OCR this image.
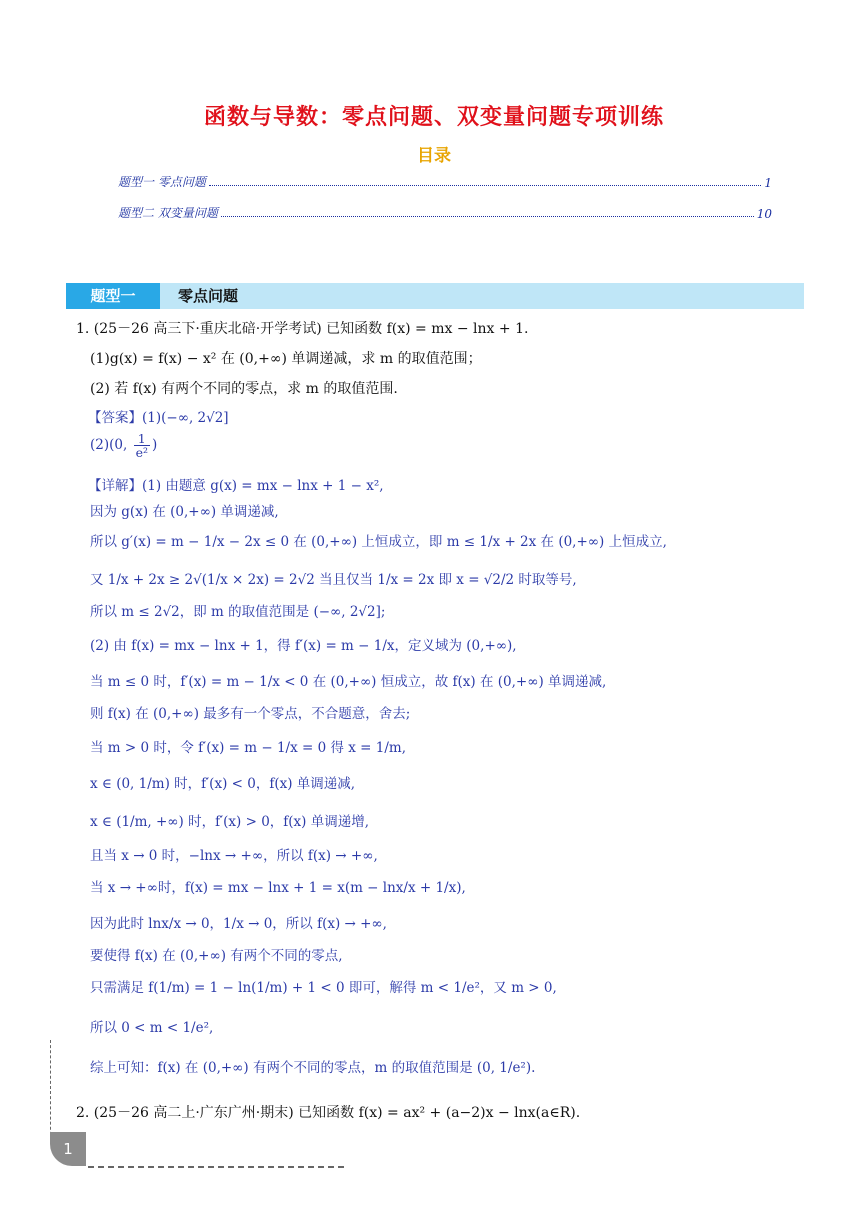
函数与导数：零点问题、双变量问题专项训练
目录
题型一 零点问题	1
题型二 双变量问题	10
题型一	零点问题
1. (25－26 高三下·重庆北碚·开学考试) 已知函数 f(x) = mx − lnx + 1.
(1)g(x) = f(x) − x² 在 (0,+∞) 单调递减，求 m 的取值范围；
(2) 若 f(x) 有两个不同的零点，求 m 的取值范围.
【答案】(1)(−∞, 2√2]
(2)(0, $\frac{1}{\text{e²}}$ )
【详解】(1) 由题意 g(x) = mx − lnx + 1 − x²,
因为 g(x) 在 (0,+∞) 单调递减,
所以 g′(x) = m − 1/x − 2x ≤ 0 在 (0,+∞) 上恒成立，即 m ≤ 1/x + 2x 在 (0,+∞) 上恒成立,
又 1/x + 2x ≥ 2√(1/x × 2x) = 2√2 当且仅当 1/x = 2x 即 x = √2/2 时取等号,
所以 m ≤ 2√2，即 m 的取值范围是 (−∞, 2√2];
(2) 由 f(x) = mx − lnx + 1，得 f′(x) = m − 1/x，定义域为 (0,+∞),
当 m ≤ 0 时，f′(x) = m − 1/x < 0 在 (0,+∞) 恒成立，故 f(x) 在 (0,+∞) 单调递减,
则 f(x) 在 (0,+∞) 最多有一个零点，不合题意，舍去;
当 m > 0 时，令 f′(x) = m − 1/x = 0 得 x = 1/m,
x ∈ (0, 1/m) 时，f′(x) < 0，f(x) 单调递减,
x ∈ (1/m, +∞) 时，f′(x) > 0，f(x) 单调递增,
且当 x → 0 时，−lnx → +∞，所以 f(x) → +∞,
当 x → +∞时，f(x) = mx − lnx + 1 = x(m − lnx/x + 1/x),
因为此时 lnx/x → 0，1/x → 0，所以 f(x) → +∞,
要使得 f(x) 在 (0,+∞) 有两个不同的零点,
只需满足 f(1/m) = 1 − ln(1/m) + 1 < 0 即可，解得 m < 1/e²，又 m > 0,
所以 0 < m < 1/e²,
综上可知：f(x) 在 (0,+∞) 有两个不同的零点，m 的取值范围是 (0, 1/e²).
2. (25－26 高二上·广东广州·期末) 已知函数 f(x) = ax² + (a−2)x − lnx(a∈R).
1
